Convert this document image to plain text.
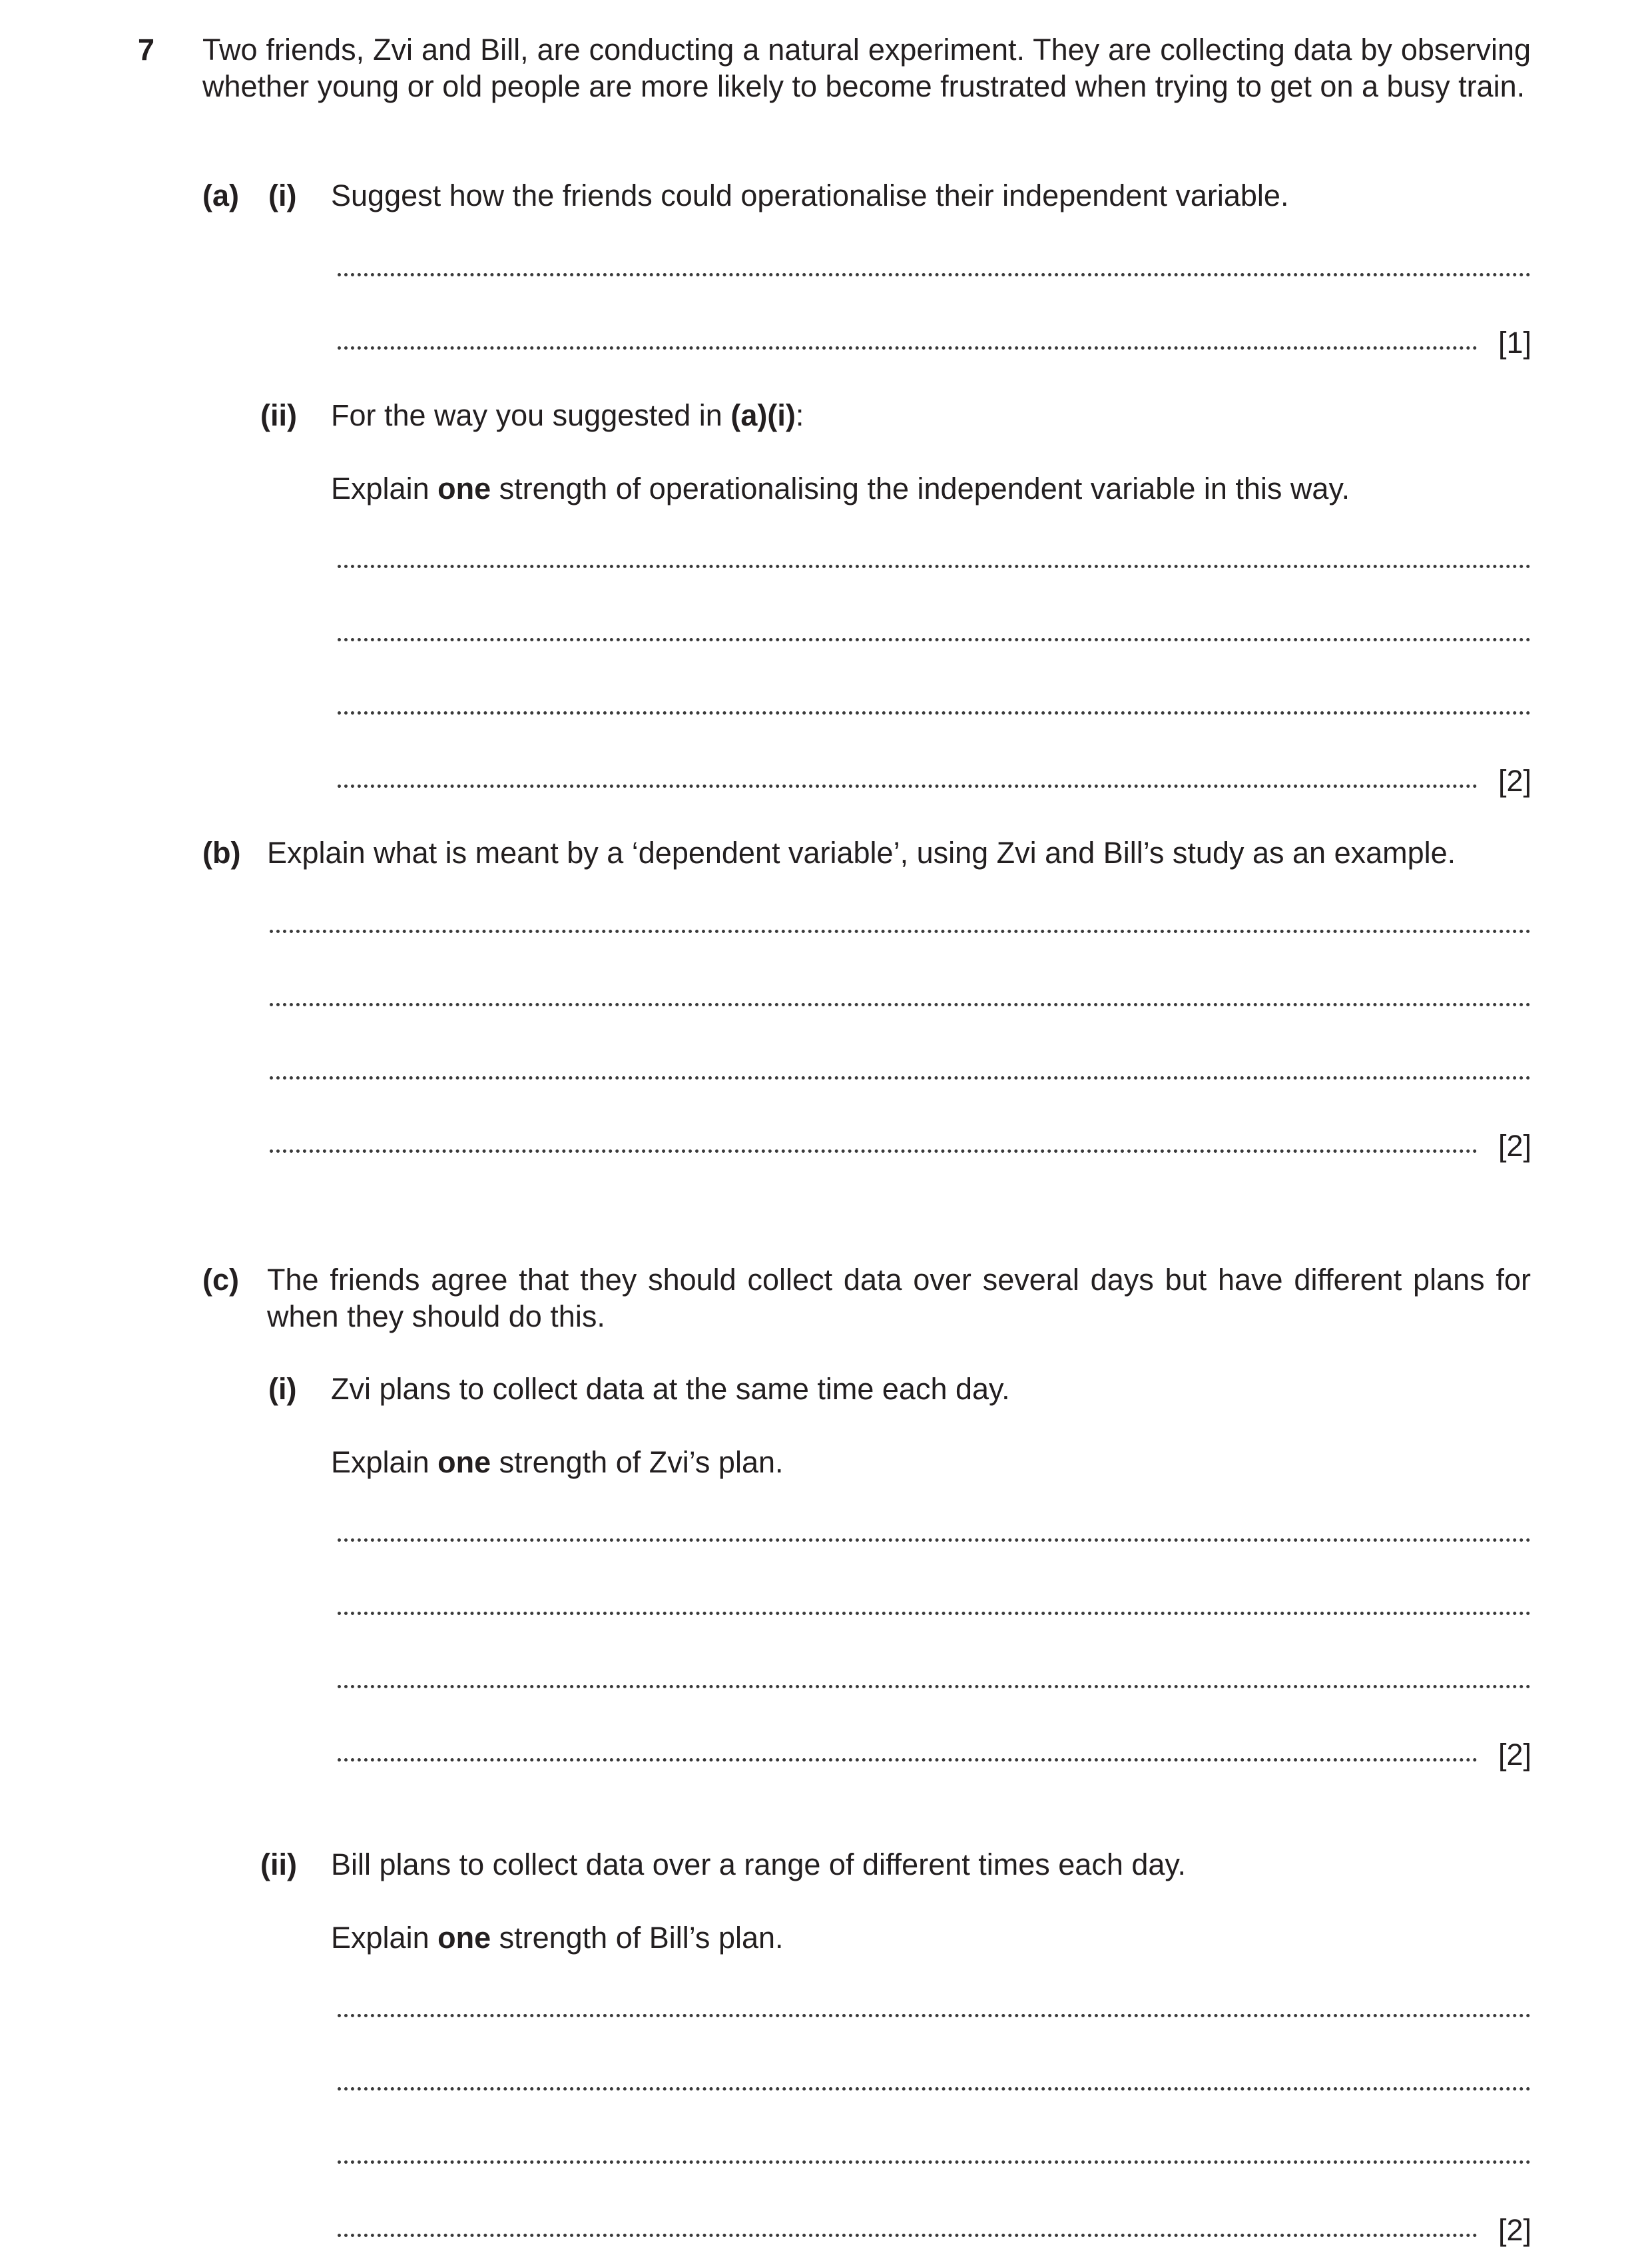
7 Two friends, Zvi and Bill, are conducting a natural experiment. They are collecting data by observing whether young or old people are more likely to become frustrated when trying to get on a busy train.
(a) (i) Suggest how the friends could operationalise their independent variable.
[1]
(ii) For the way you suggested in (a)(i):
Explain one strength of operationalising the independent variable in this way.
[2]
(b) Explain what is meant by a ‘dependent variable’, using Zvi and Bill’s study as an example.
[2]
(c) The friends agree that they should collect data over several days but have different plans for when they should do this.
(i) Zvi plans to collect data at the same time each day.
Explain one strength of Zvi’s plan.
[2]
(ii) Bill plans to collect data over a range of different times each day.
Explain one strength of Bill’s plan.
[2]
